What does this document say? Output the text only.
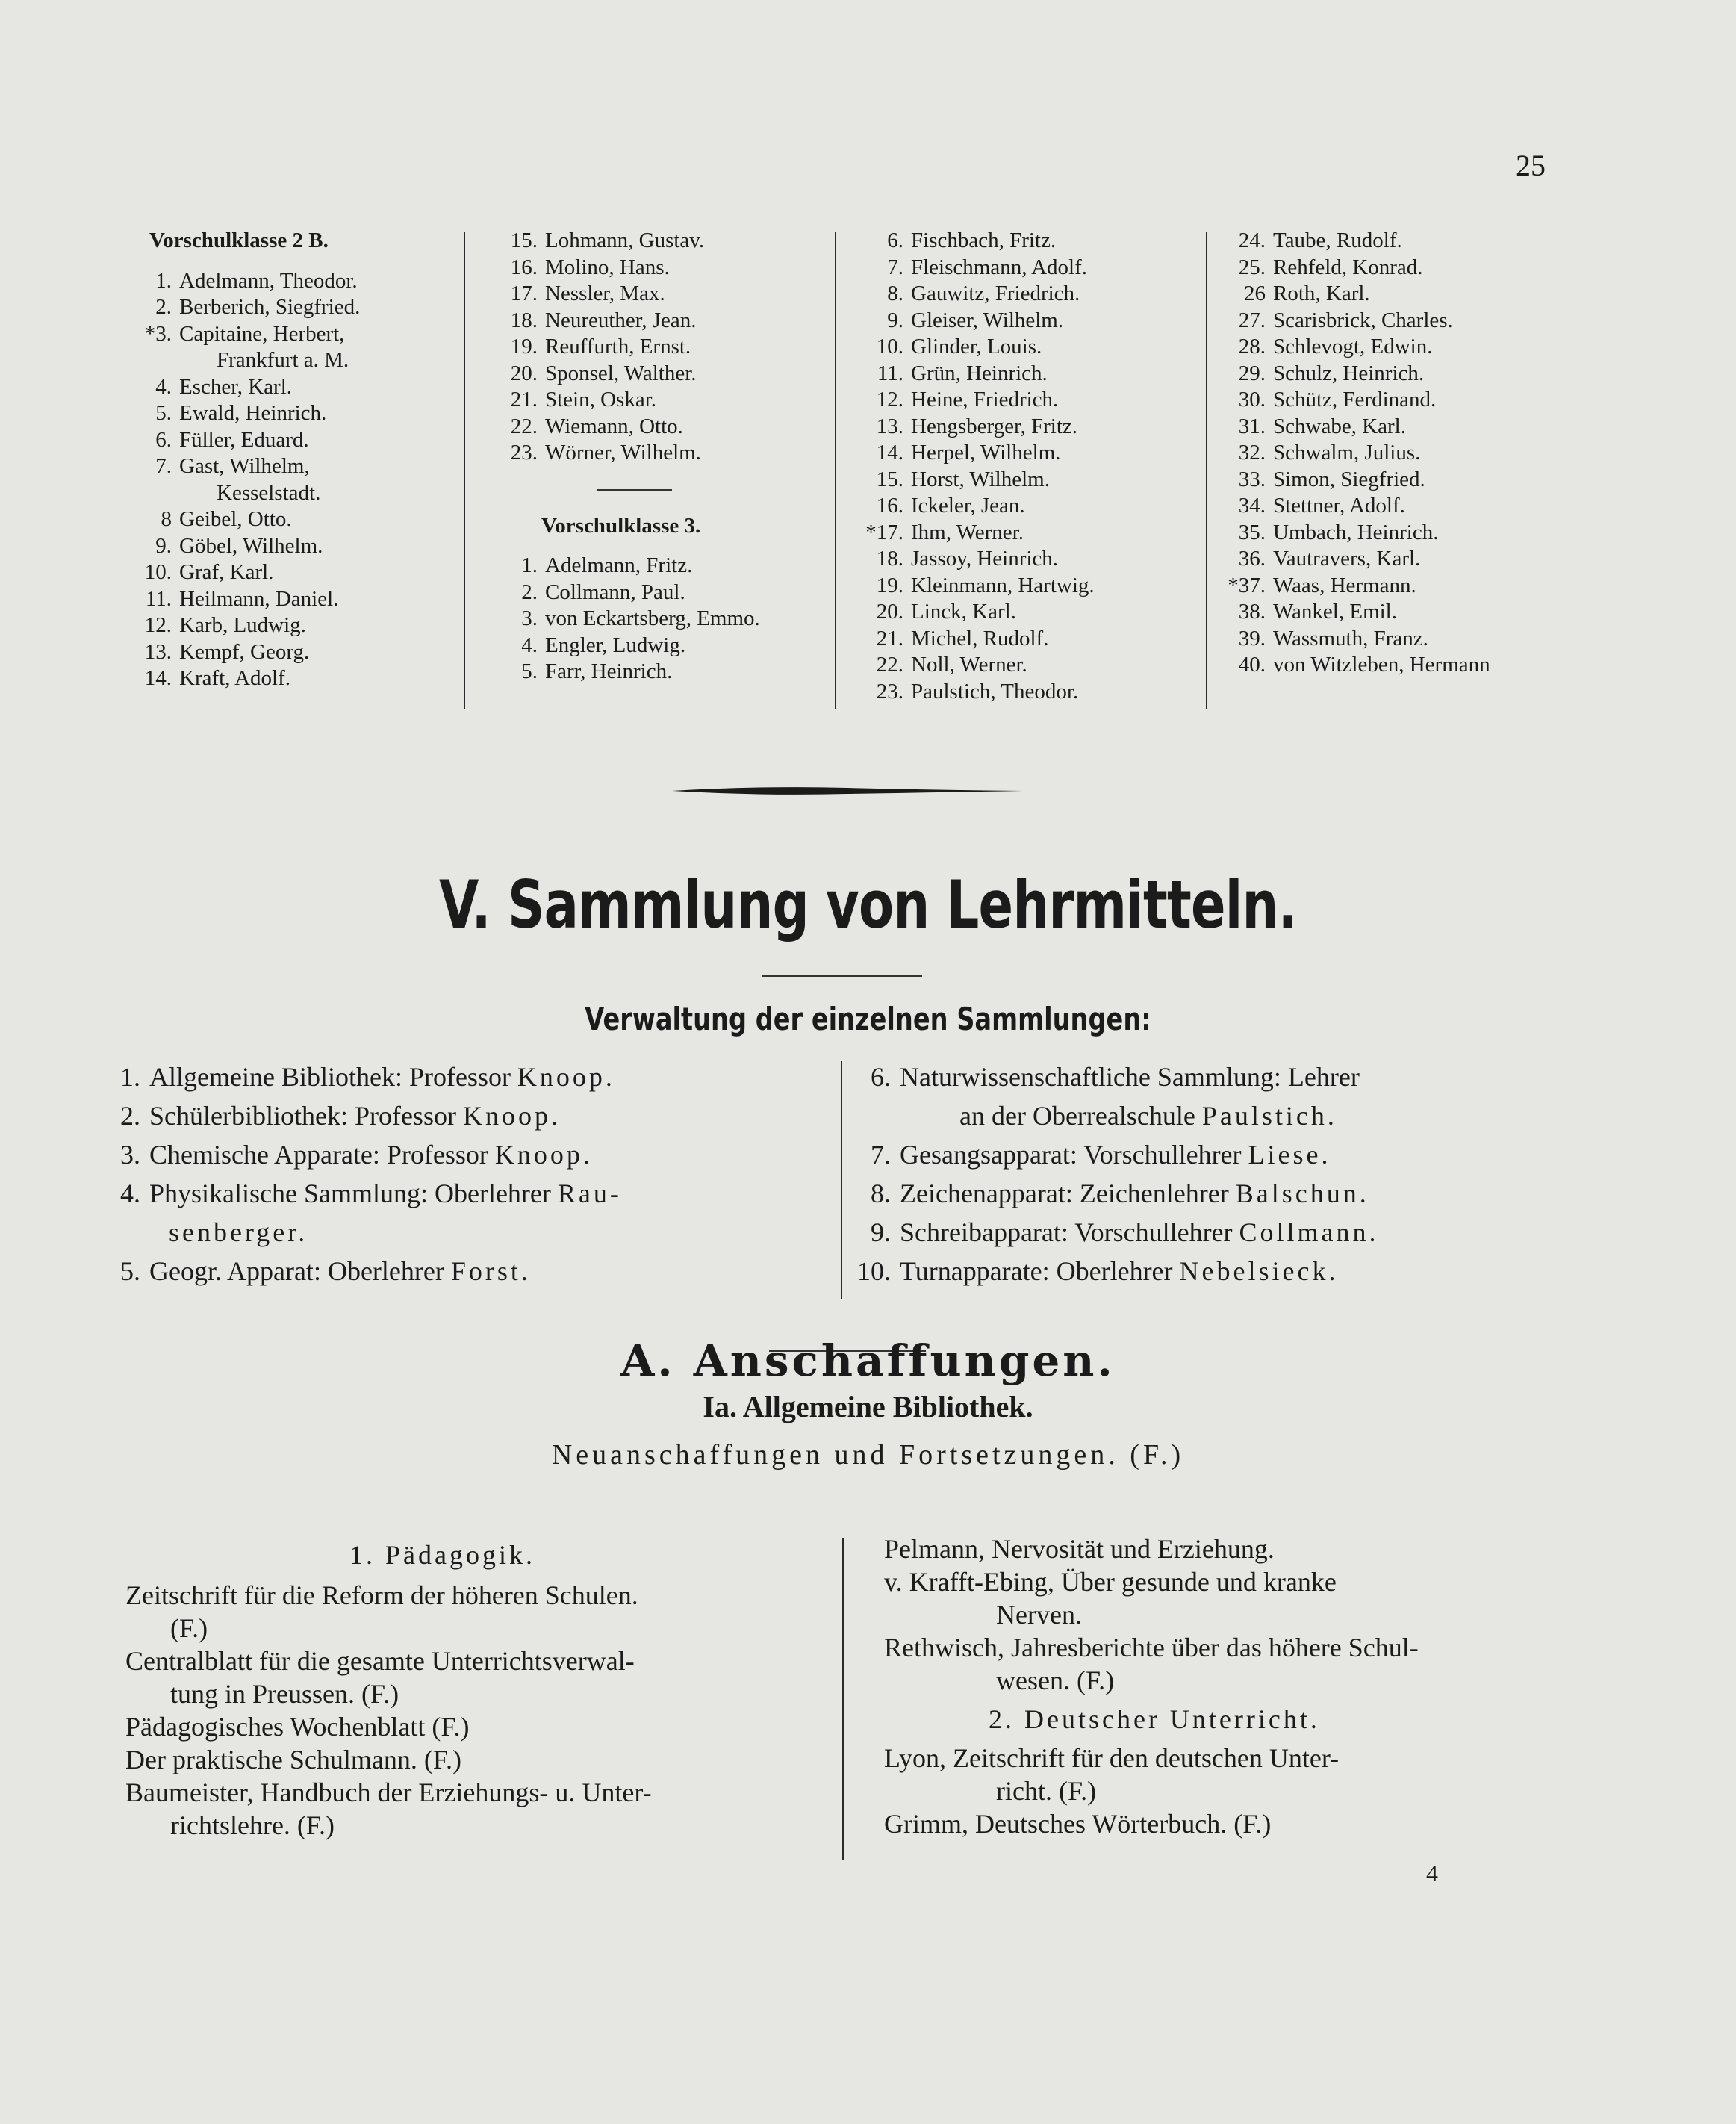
25
Vorschulklasse 2 B.
1. Adelmann, Theodor.
2. Berberich, Siegfried.
*3. Capitaine, Herbert,
Frankfurt a. M.
4. Escher, Karl.
5. Ewald, Heinrich.
6. Füller, Eduard.
7. Gast, Wilhelm,
Kesselstadt.
8 Geibel, Otto.
9. Göbel, Wilhelm.
10. Graf, Karl.
11. Heilmann, Daniel.
12. Karb, Ludwig.
13. Kempf, Georg.
14. Kraft, Adolf.
15. Lohmann, Gustav.
16. Molino, Hans.
17. Nessler, Max.
18. Neureuther, Jean.
19. Reuffurth, Ernst.
20. Sponsel, Walther.
21. Stein, Oskar.
22. Wiemann, Otto.
23. Wörner, Wilhelm.
Vorschulklasse 3.
1. Adelmann, Fritz.
2. Collmann, Paul.
3. von Eckartsberg, Emmo.
4. Engler, Ludwig.
5. Farr, Heinrich.
6. Fischbach, Fritz.
7. Fleischmann, Adolf.
8. Gauwitz, Friedrich.
9. Gleiser, Wilhelm.
10. Glinder, Louis.
11. Grün, Heinrich.
12. Heine, Friedrich.
13. Hengsberger, Fritz.
14. Herpel, Wilhelm.
15. Horst, Wilhelm.
16. Ickeler, Jean.
*17. Ihm, Werner.
18. Jassoy, Heinrich.
19. Kleinmann, Hartwig.
20. Linck, Karl.
21. Michel, Rudolf.
22. Noll, Werner.
23. Paulstich, Theodor.
24. Taube, Rudolf.
25. Rehfeld, Konrad.
26 Roth, Karl.
27. Scarisbrick, Charles.
28. Schlevogt, Edwin.
29. Schulz, Heinrich.
30. Schütz, Ferdinand.
31. Schwabe, Karl.
32. Schwalm, Julius.
33. Simon, Siegfried.
34. Stettner, Adolf.
35. Umbach, Heinrich.
36. Vautravers, Karl.
*37. Waas, Hermann.
38. Wankel, Emil.
39. Wassmuth, Franz.
40. von Witzleben, Hermann
V. Sammlung von Lehrmitteln.
Verwaltung der einzelnen Sammlungen:
1. Allgemeine Bibliothek: Professor Knoop.
2. Schülerbibliothek: Professor Knoop.
3. Chemische Apparate: Professor Knoop.
4. Physikalische Sammlung: Oberlehrer Rau-
senberger.
5. Geogr. Apparat: Oberlehrer Forst.
6. Naturwissenschaftliche Sammlung: Lehrer
an der Oberrealschule Paulstich.
7. Gesangsapparat: Vorschullehrer Liese.
8. Zeichenapparat: Zeichenlehrer Balschun.
9. Schreibapparat: Vorschullehrer Collmann.
10. Turnapparate: Oberlehrer Nebelsieck.
A. Anschaffungen.
Ia. Allgemeine Bibliothek.
Neuanschaffungen und Fortsetzungen. (F.)
1. Pädagogik.
Zeitschrift für die Reform der höheren Schulen.
(F.)
Centralblatt für die gesamte Unterrichtsverwal-
tung in Preussen. (F.)
Pädagogisches Wochenblatt (F.)
Der praktische Schulmann. (F.)
Baumeister, Handbuch der Erziehungs- u. Unter-
richtslehre. (F.)
Pelmann, Nervosität und Erziehung.
v. Krafft-Ebing, Über gesunde und kranke
Nerven.
Rethwisch, Jahresberichte über das höhere Schul-
wesen. (F.)
2. Deutscher Unterricht.
Lyon, Zeitschrift für den deutschen Unter-
richt. (F.)
Grimm, Deutsches Wörterbuch. (F.)
4
